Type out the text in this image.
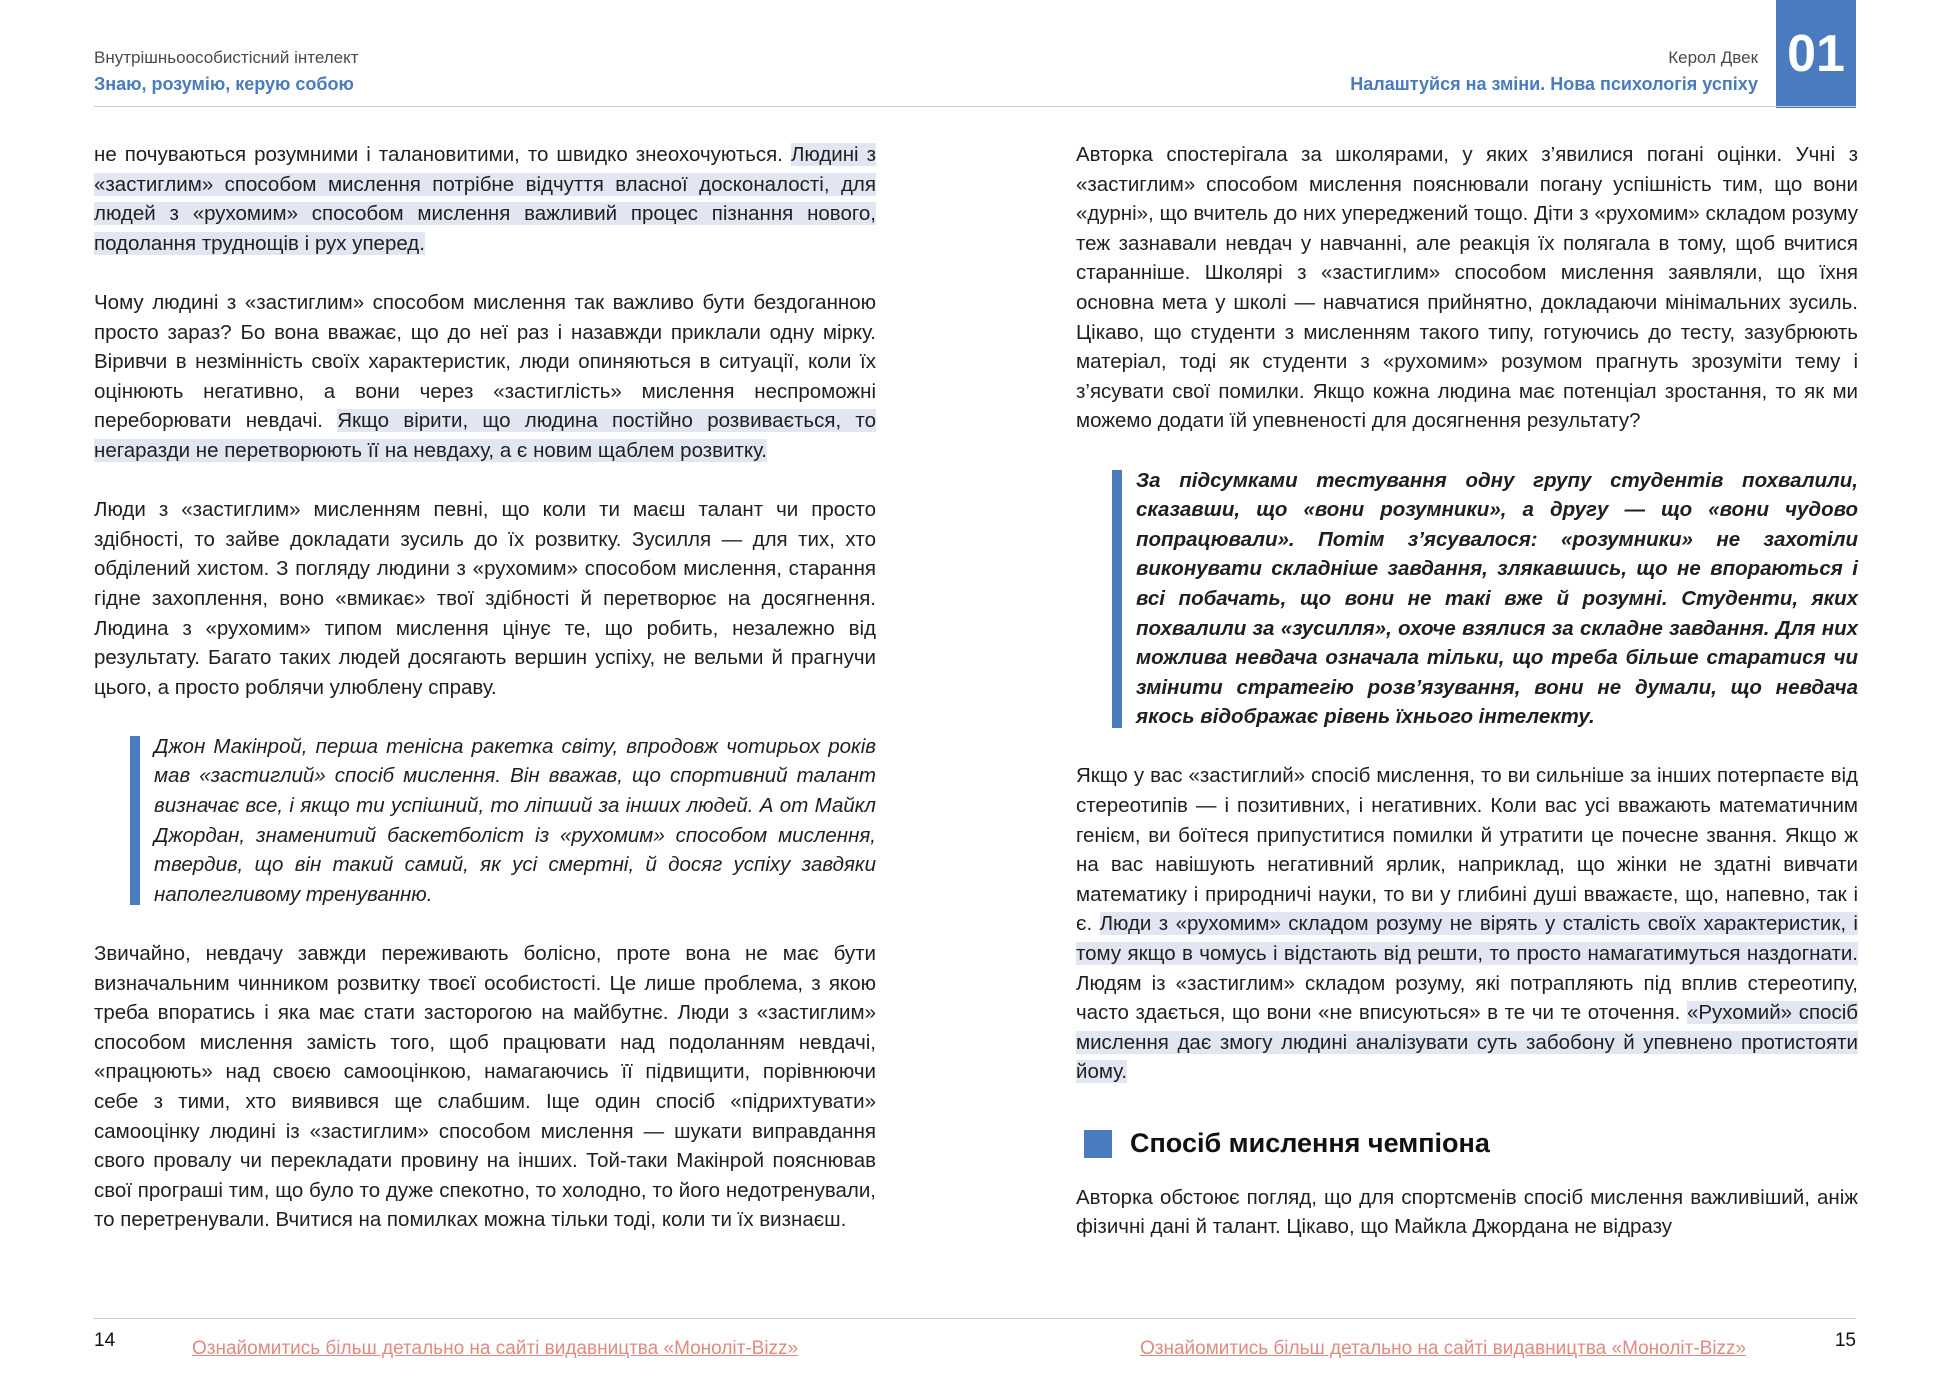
Внутрішньоособистісний інтелект
Знаю, розумію, керую собою
Керол Двек
Налаштуйся на зміни. Нова психологія успіху
01

не почуваються розумними і талановитими, то швидко знеохочуються. Людині з «застиглим» способом мислення потрібне відчуття власної досконалості, для людей з «рухомим» способом мислення важливий процес пізнання нового, подолання труднощів і рух уперед.

Чому людині з «застиглим» способом мислення так важливо бути бездоганною просто зараз? Бо вона вважає, що до неї раз і назавжди приклали одну мірку. Віривчи в незмінність своїх характеристик, люди опиняються в ситуації, коли їх оцінюють негативно, а вони через «застиглість» мислення неспроможні переборювати невдачі. Якщо вірити, що людина постійно розвивається, то негаразди не перетворюють її на невдаху, а є новим щаблем розвитку.

Люди з «застиглим» мисленням певні, що коли ти маєш талант чи просто здібності, то зайве докладати зусиль до їх розвитку. Зусилля — для тих, хто обділений хистом. З погляду людини з «рухомим» способом мислення, старання гідне захоплення, воно «вмикає» твої здібності й перетворює на досягнення. Людина з «рухомим» типом мислення цінує те, що робить, незалежно від результату. Багато таких людей досягають вершин успіху, не вельми й прагнучи цього, а просто роблячи улюблену справу.

Джон Макінрой, перша тенісна ракетка світу, впродовж чотирьох років мав «застиглий» спосіб мислення. Він вважав, що спортивний талант визначає все, і якщо ти успішний, то ліпший за інших людей. А от Майкл Джордан, знаменитий баскетболіст із «рухомим» способом мислення, твердив, що він такий самий, як усі смертні, й досяг успіху завдяки наполегливому тренуванню.

Звичайно, невдачу завжди переживають болісно, проте вона не має бути визначальним чинником розвитку твоєї особистості. Це лише проблема, з якою треба впоратись і яка має стати засторогою на майбутнє. Люди з «застиглим» способом мислення замість того, щоб працювати над подоланням невдачі, «працюють» над своєю самооцінкою, намагаючись її підвищити, порівнюючи себе з тими, хто виявився ще слабшим. Іще один спосіб «підрихтувати» самооцінку людині із «застиглим» способом мислення — шукати виправдання свого провалу чи перекладати провину на інших. Той-таки Макінрой пояснював свої програші тим, що було то дуже спекотно, то холодно, то його недотренували, то перетренували. Вчитися на помилках можна тільки тоді, коли ти їх визнаєш.

Авторка спостерігала за школярами, у яких з’явилися погані оцінки. Учні з «застиглим» способом мислення пояснювали погану успішність тим, що вони «дурні», що вчитель до них упереджений тощо. Діти з «рухомим» складом розуму теж зазнавали невдач у навчанні, але реакція їх полягала в тому, щоб вчитися старанніше. Школярі з «застиглим» способом мислення заявляли, що їхня основна мета у школі — навчатися прийнятно, докладаючи мінімальних зусиль. Цікаво, що студенти з мисленням такого типу, готуючись до тесту, зазубрюють матеріал, тоді як студенти з «рухомим» розумом прагнуть зрозуміти тему і з’ясувати свої помилки. Якщо кожна людина має потенціал зростання, то як ми можемо додати їй упевненості для досягнення результату?

За підсумками тестування одну групу студентів похвалили, сказавши, що «вони розумники», а другу — що «вони чудово попрацювали». Потім з’ясувалося: «розумники» не захотіли виконувати складніше завдання, злякавшись, що не впораються і всі побачать, що вони не такі вже й розумні. Студенти, яких похвалили за «зусилля», охоче взялися за складне завдання. Для них можлива невдача означала тільки, що треба більше старатися чи змінити стратегію розв’язування, вони не думали, що невдача якось відображає рівень їхнього інтелекту.

Якщо у вас «застиглий» спосіб мислення, то ви сильніше за інших потерпаєте від стереотипів — і позитивних, і негативних. Коли вас усі вважають математичним генієм, ви боїтеся припуститися помилки й утратити це почесне звання. Якщо ж на вас навішують негативний ярлик, наприклад, що жінки не здатні вивчати математику і природничі науки, то ви у глибині душі вважаєте, що, напевно, так і є. Люди з «рухомим» складом розуму не вірять у сталість своїх характеристик, і тому якщо в чомусь і відстають від решти, то просто намагатимуться наздогнати. Людям із «застиглим» складом розуму, які потрапляють під вплив стереотипу, часто здається, що вони «не вписуються» в те чи те оточення. «Рухомий» спосіб мислення дає змогу людині аналізувати суть забобону й упевнено протистояти йому.

Спосіб мислення чемпіона

Авторка обстоює погляд, що для спортсменів спосіб мислення важливіший, аніж фізичні дані й талант. Цікаво, що Майкла Джордана не відразу

14	15
Ознайомитись більш детально на сайті видавництва «Моноліт-Bizz»	Ознайомитись більш детально на сайті видавництва «Моноліт-Bizz»
